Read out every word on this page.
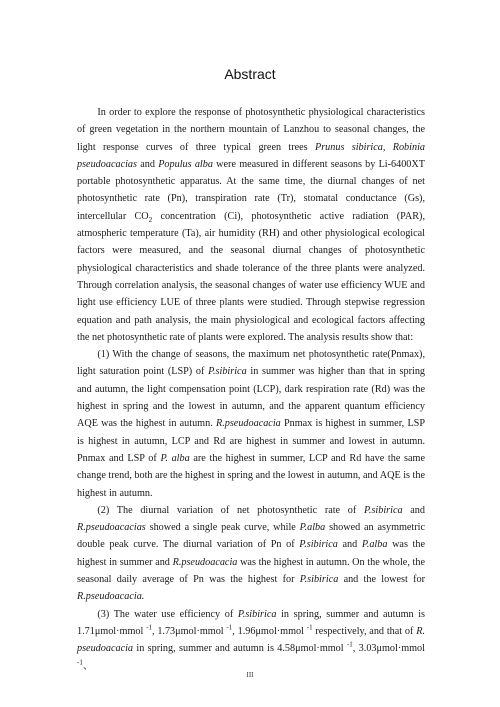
Abstract

In order to explore the response of photosynthetic physiological characteristics of green vegetation in the northern mountain of Lanzhou to seasonal changes, the light response curves of three typical green trees Prunus sibirica, Robinia pseudoacacias and Populus alba were measured in different seasons by Li-6400XT portable photosynthetic apparatus. At the same time, the diurnal changes of net photosynthetic rate (Pn), transpiration rate (Tr), stomatal conductance (Gs), intercellular $CO_2$ concentration (Ci), photosynthetic active radiation (PAR), atmospheric temperature (Ta), air humidity (RH) and other physiological ecological factors were measured, and the seasonal diurnal changes of photosynthetic physiological characteristics and shade tolerance of the three plants were analyzed. Through correlation analysis, the seasonal changes of water use efficiency WUE and light use efficiency LUE of three plants were studied. Through stepwise regression equation and path analysis, the main physiological and ecological factors affecting the net photosynthetic rate of plants were explored. The analysis results show that:

(1) With the change of seasons, the maximum net photosynthetic rate(Pnmax), light saturation point (LSP) of P.sibirica in summer was higher than that in spring and autumn, the light compensation point (LCP), dark respiration rate (Rd) was the highest in spring and the lowest in autumn, and the apparent quantum efficiency AQE was the highest in autumn. R.pseudoacacia Pnmax is highest in summer, LSP is highest in autumn, LCP and Rd are highest in summer and lowest in autumn. Pnmax and LSP of P. alba are the highest in summer, LCP and Rd have the same change trend, both are the highest in spring and the lowest in autumn, and AQE is the highest in autumn.

(2) The diurnal variation of net photosynthetic rate of P.sibirica and R.pseudoacacias showed a single peak curve, while P.alba showed an asymmetric double peak curve. The diurnal variation of Pn of P.sibirica and P.alba was the highest in summer and R.pseudoacacia was the highest in autumn. On the whole, the seasonal daily average of Pn was the highest for P.sibirica and the lowest for R.pseudoacacia.

(3) The water use efficiency of P.sibirica in spring, summer and autumn is 1.71μmol·mmol $^{-1}$, 1.73μmol·mmol $^{-1}$, 1.96μmol·mmol $^{-1}$ respectively, and that of R. pseudoacacia in spring, summer and autumn is 4.58μmol·mmol $^{-1}$, 3.03μmol·mmol $^{-1}$、

III
